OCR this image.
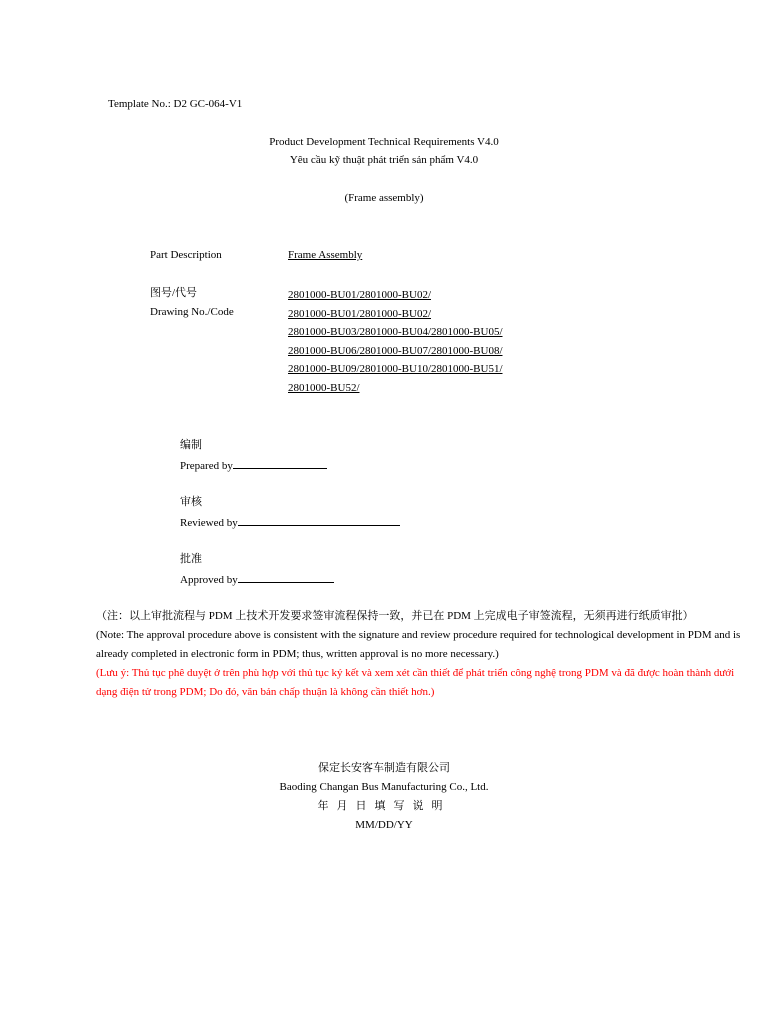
Template No.: D2 GC-064-V1
Product Development Technical Requirements V4.0
Yêu cầu kỹ thuật phát triển sản phẩm V4.0
(Frame assembly)
Part Description	Frame Assembly
图号/代号
Drawing No./Code
2801000-BU01/2801000-BU02/
2801000-BU01/2801000-BU02/
2801000-BU03/2801000-BU04/2801000-BU05/
2801000-BU06/2801000-BU07/2801000-BU08/
2801000-BU09/2801000-BU10/2801000-BU51/
2801000-BU52/
编制
Prepared by
审核
Reviewed by
批准
Approved by
（注：以上审批流程与 PDM 上技术开发要求签审流程保持一致，并已在 PDM 上完成电子审签流程，无须再进行纸质审批）
(Note: The approval procedure above is consistent with the signature and review procedure required for technological development in PDM and is already completed in electronic form in PDM; thus, written approval is no more necessary.)
(Lưu ý: Thủ tục phê duyệt ở trên phù hợp với thủ tục ký kết và xem xét cần thiết để phát triển công nghệ trong PDM và đã được hoàn thành dưới dạng điện tử trong PDM; Do đó, văn bản chấp thuận là không cần thiết hơn.)
保定长安客车制造有限公司
Baoding Changan Bus Manufacturing Co., Ltd.
年月日填写说明
MM/DD/YY
